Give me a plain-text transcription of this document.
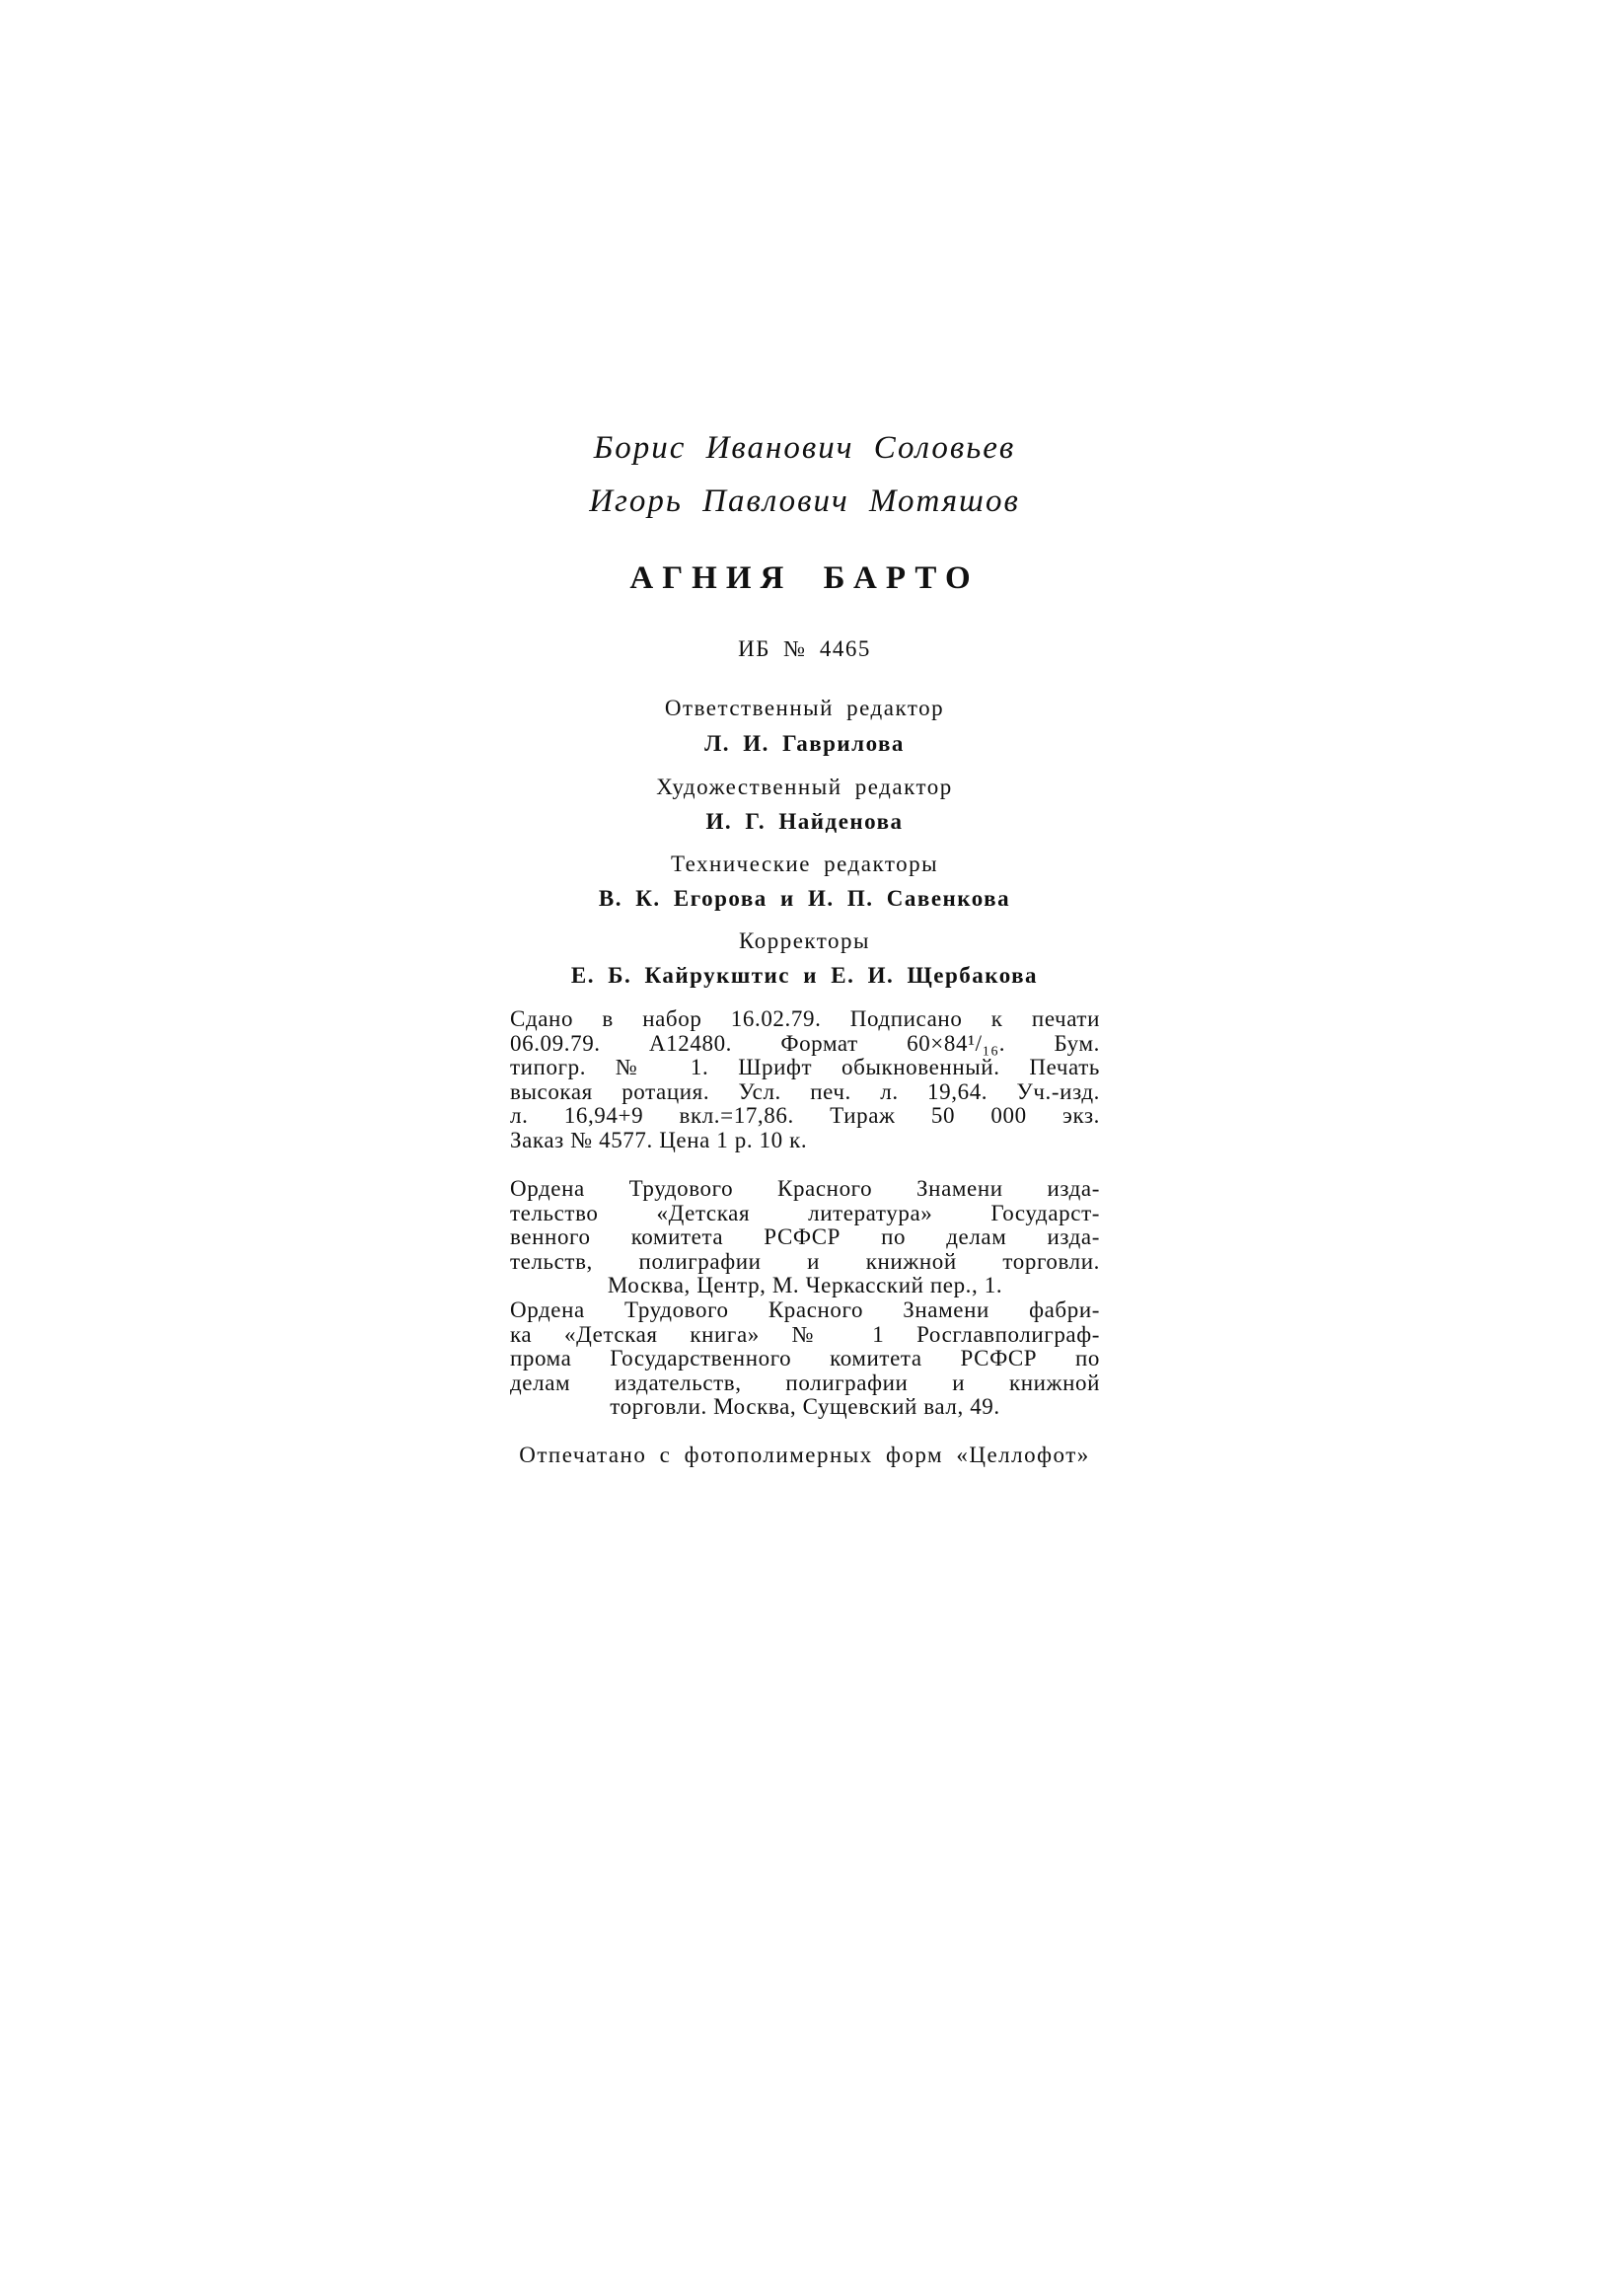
Борис Иванович Соловьев
Игорь Павлович Мотяшов
АГНИЯ БАРТО
ИБ № 4465
Ответственный редактор
Л. И. Гаврилова
Художественный редактор
И. Г. Найденова
Технические редакторы
В. К. Егорова и И. П. Савенкова
Корректоры
Е. Б. Кайрукштис и Е. И. Щербакова
Сдано в набор 16.02.79. Подписано к печати
06.09.79. А12480. Формат 60×84¹/₁₆. Бум.
типогр. № 1. Шрифт обыкновенный. Печать
высокая ротация. Усл. печ. л. 19,64. Уч.-изд.
л. 16,94+9 вкл.=17,86. Тираж 50 000 экз.
Заказ № 4577. Цена 1 р. 10 к.
Ордена Трудового Красного Знамени изда-
тельство «Детская литература» Государст-
венного комитета РСФСР по делам изда-
тельств, полиграфии и книжной торговли.
Москва, Центр, М. Черкасский пер., 1.
Ордена Трудового Красного Знамени фабри-
ка «Детская книга» № 1 Росглавполиграф-
прома Государственного комитета РСФСР по
делам издательств, полиграфии и книжной
торговли. Москва, Сущевский вал, 49.
Отпечатано с фотополимерных форм «Целлофот»
